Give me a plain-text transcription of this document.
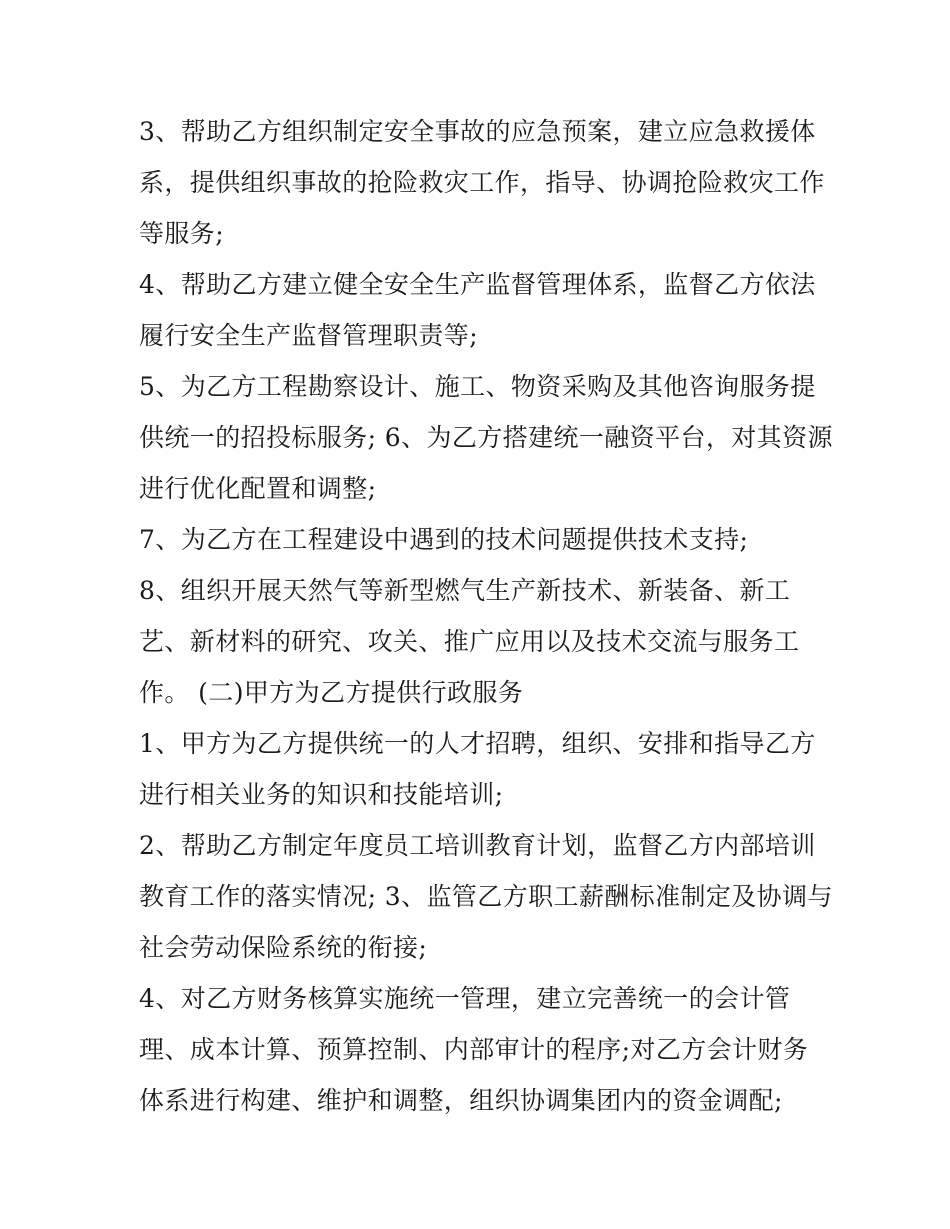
3、帮助乙方组织制定安全事故的应急预案，建立应急救援体
系，提供组织事故的抢险救灾工作，指导、协调抢险救灾工作
等服务;
4、帮助乙方建立健全安全生产监督管理体系，监督乙方依法
履行安全生产监督管理职责等;
5、为乙方工程勘察设计、施工、物资采购及其他咨询服务提
供统一的招投标服务; 6、为乙方搭建统一融资平台，对其资源
进行优化配置和调整;
7、为乙方在工程建设中遇到的技术问题提供技术支持;
8、组织开展天然气等新型燃气生产新技术、新装备、新工
艺、新材料的研究、攻关、推广应用以及技术交流与服务工
作。 (二)甲方为乙方提供行政服务
1、甲方为乙方提供统一的人才招聘，组织、安排和指导乙方
进行相关业务的知识和技能培训;
2、帮助乙方制定年度员工培训教育计划，监督乙方内部培训
教育工作的落实情况; 3、监管乙方职工薪酬标准制定及协调与
社会劳动保险系统的衔接;
4、对乙方财务核算实施统一管理，建立完善统一的会计管
理、成本计算、预算控制、内部审计的程序;对乙方会计财务
体系进行构建、维护和调整，组织协调集团内的资金调配;
